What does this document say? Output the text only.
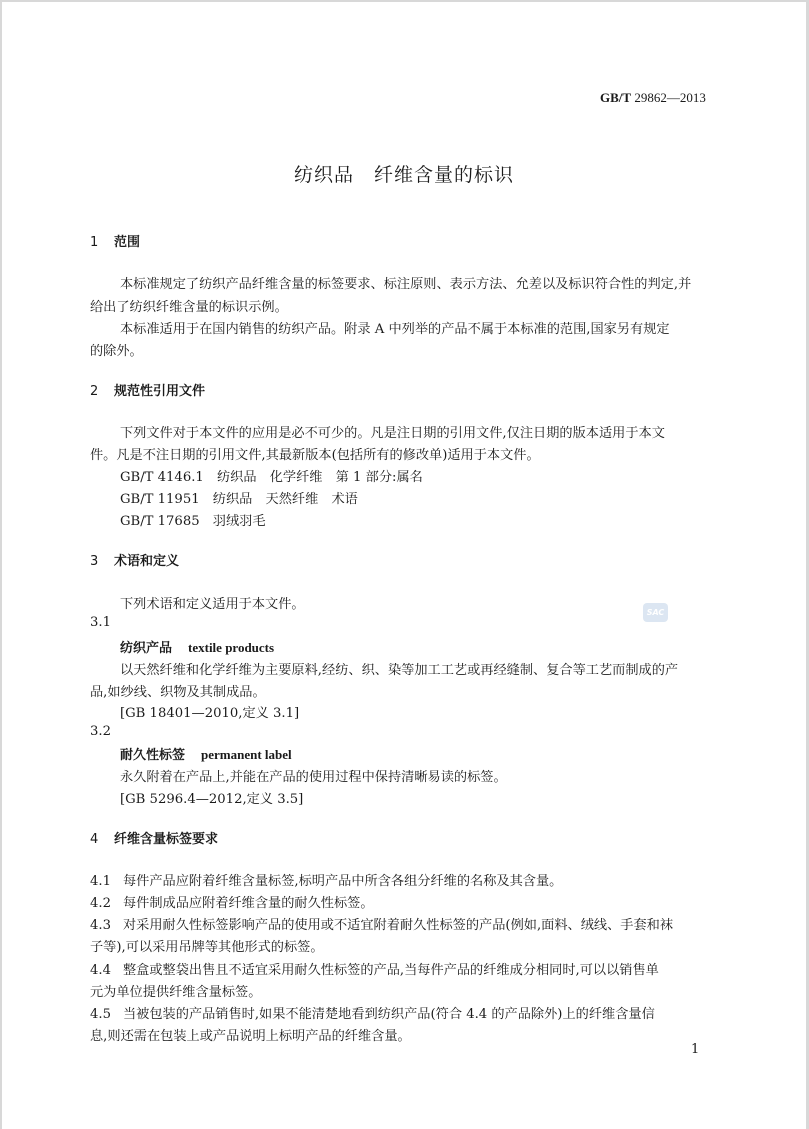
GB/T 29862—2013
纺织品　纤维含量的标识
1 范围
本标准规定了纺织产品纤维含量的标签要求、标注原则、表示方法、允差以及标识符合性的判定,并
给出了纺织纤维含量的标识示例。
本标准适用于在国内销售的纺织产品。附录 A 中列举的产品不属于本标准的范围,国家另有规定
的除外。
2 规范性引用文件
下列文件对于本文件的应用是必不可少的。凡是注日期的引用文件,仅注日期的版本适用于本文
件。凡是不注日期的引用文件,其最新版本(包括所有的修改单)适用于本文件。
GB/T 4146.1　纺织品　化学纤维　第 1 部分:属名
GB/T 11951　纺织品　天然纤维　术语
GB/T 17685　羽绒羽毛
3 术语和定义
下列术语和定义适用于本文件。
3.1
纺织产品 textile products
以天然纤维和化学纤维为主要原料,经纺、织、染等加工工艺或再经缝制、复合等工艺而制成的产
品,如纱线、织物及其制成品。
[GB 18401—2010,定义 3.1]
3.2
耐久性标签 permanent label
永久附着在产品上,并能在产品的使用过程中保持清晰易读的标签。
[GB 5296.4—2012,定义 3.5]
SAC
4 纤维含量标签要求
4.1 每件产品应附着纤维含量标签,标明产品中所含各组分纤维的名称及其含量。
4.2 每件制成品应附着纤维含量的耐久性标签。
4.3 对采用耐久性标签影响产品的使用或不适宜附着耐久性标签的产品(例如,面料、绒线、手套和袜
子等),可以采用吊牌等其他形式的标签。
4.4 整盒或整袋出售且不适宜采用耐久性标签的产品,当每件产品的纤维成分相同时,可以以销售单
元为单位提供纤维含量标签。
4.5 当被包装的产品销售时,如果不能清楚地看到纺织产品(符合 4.4 的产品除外)上的纤维含量信
息,则还需在包装上或产品说明上标明产品的纤维含量。
1
